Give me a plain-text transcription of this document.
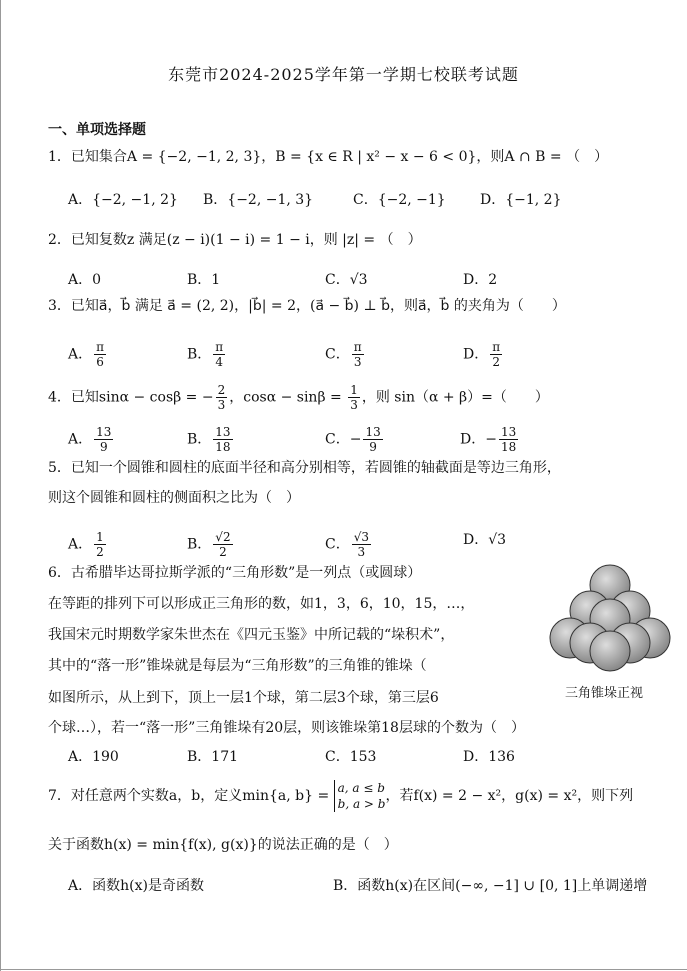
东莞市2024-2025学年第一学期七校联考试题
一、单项选择题
1．已知集合A = {−2, −1, 2, 3}，B = {x ∈ R | x² − x − 6 < 0}，则A ∩ B = （　）
A．{−2, −1, 2} B．{−2, −1, 3}	C．{−2, −1} D．{−1, 2}
2．已知复数z 满足(z − i)(1 − i) = 1 − i，则 |z| = （　）
A．0	B．1	C．√3	D．2
3．已知a⃗，b⃗ 满足 a⃗ = (2, 2)，|b⃗| = 2，(a⃗ − b⃗) ⊥ b⃗，则a⃗，b⃗ 的夹角为（　　）
A． $\frac{\pi}{6}$	B． $\frac{\pi}{4}$	C． $\frac{\pi}{3}$	D． $\frac{\pi}{2}$
4．已知sinα − cosβ = − $\frac{2}{3}$ ，$\cos\alpha - \sin\beta = \frac{1}{3}$ ，则 sin（α + β）=（　　）
A． $\frac{13}{9}$	B． $\frac{13}{18}$	C．− $\frac{13}{9}$	D．− $\frac{13}{18}$
5．已知一个圆锥和圆柱的底面半径和高分别相等，若圆锥的轴截面是等边三角形，
则这个圆锥和圆柱的侧面积之比为（　）
A． $\frac{1}{2}$	B． $\frac{√2}{2}$	C． $\frac{√3}{3}$	D．√3
6．古希腊毕达哥拉斯学派的“三角形数”是一列点（或圆球）
在等距的排列下可以形成正三角形的数，如1，3，6，10，15，…，
我国宋元时期数学家朱世杰在《四元玉鉴》中所记载的“垛积术”，
其中的“落一形”锥垛就是每层为“三角形数”的三角锥的锥垛（
如图所示，从上到下，顶上一层1个球，第二层3个球，第三层6
个球…），若一“落一形”三角锥垛有20层，则该锥垛第18层球的个数为（　）
A．190	B．171	C．153	D．136
三角锥垛正视
7．对任意两个实数a，b，定义min{a, b} = a, a ≤ b
b, a > b ，若f(x) = 2 − x²，g(x) = x²，则下列
关于函数h(x) = min{f(x), g(x)}的说法正确的是（　）
A．函数h(x)是奇函数	B．函数h(x)在区间(−∞, −1] ∪ [0, 1]上单调递增
